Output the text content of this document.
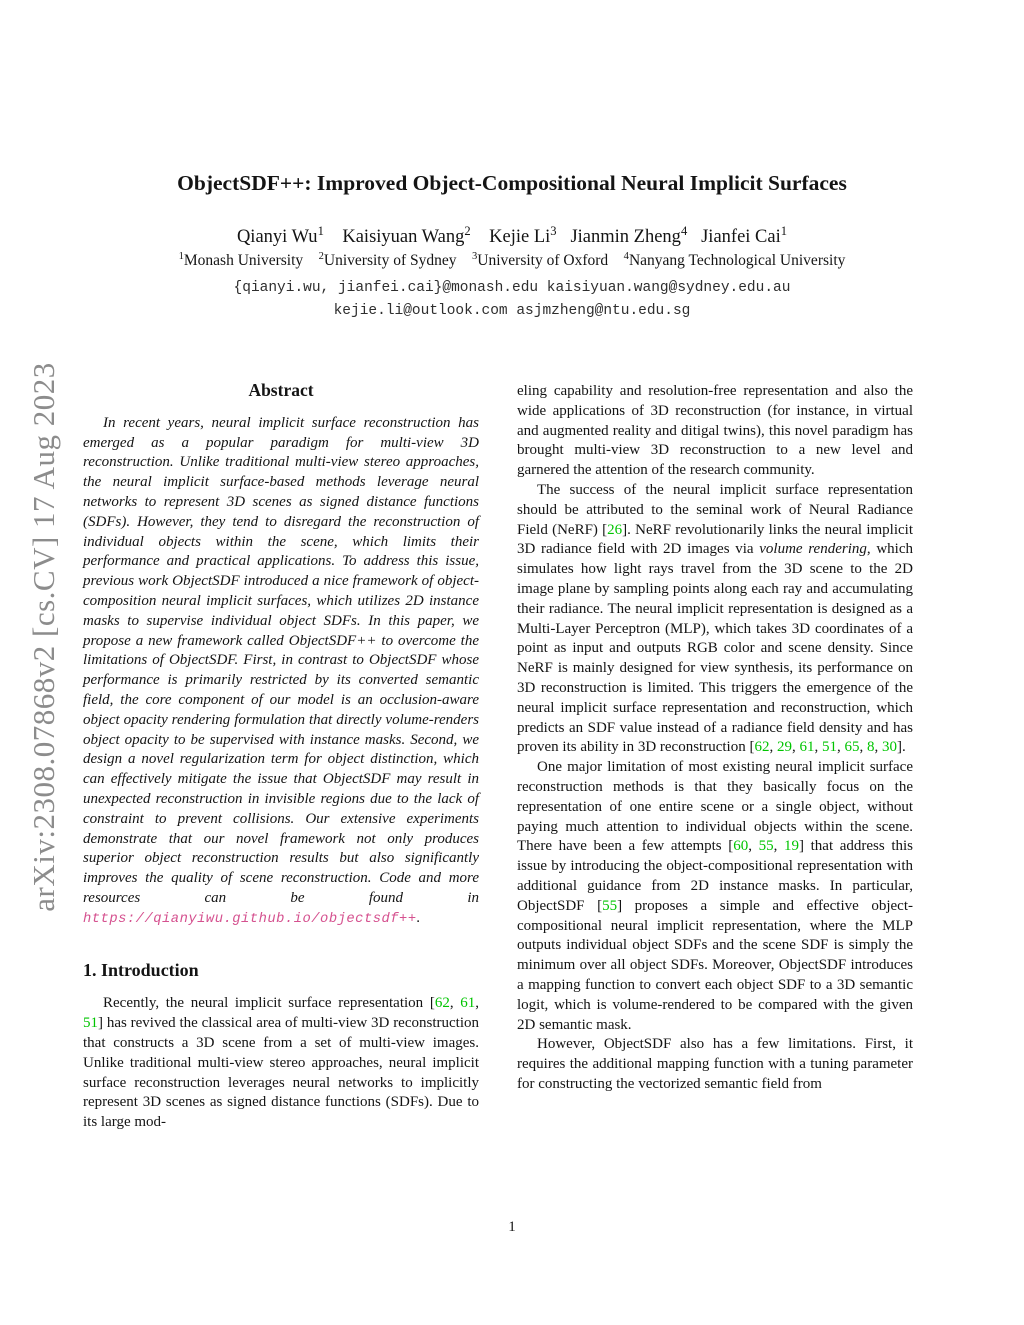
arXiv:2308.07868v2 [cs.CV] 17 Aug 2023
ObjectSDF++: Improved Object-Compositional Neural Implicit Surfaces
Qianyi Wu$^1$ Kaisiyuan Wang$^2$ Kejie Li$^3$ Jianmin Zheng$^4$ Jianfei Cai$^1$
$^1$Monash University $^2$University of Sydney $^3$University of Oxford $^4$Nanyang Technological University
{qianyi.wu, jianfei.cai}@monash.edu kaisiyuan.wang@sydney.edu.au
kejie.li@outlook.com asjmzheng@ntu.edu.sg
Abstract

In recent years, neural implicit surface reconstruction has emerged as a popular paradigm for multi-view 3D reconstruction. Unlike traditional multi-view stereo approaches, the neural implicit surface-based methods leverage neural networks to represent 3D scenes as signed distance functions (SDFs). However, they tend to disregard the reconstruction of individual objects within the scene, which limits their performance and practical applications. To address this issue, previous work ObjectSDF introduced a nice framework of object-composition neural implicit surfaces, which utilizes 2D instance masks to supervise individual object SDFs. In this paper, we propose a new framework called ObjectSDF++ to overcome the limitations of ObjectSDF. First, in contrast to ObjectSDF whose performance is primarily restricted by its converted semantic field, the core component of our model is an occlusion-aware object opacity rendering formulation that directly volume-renders object opacity to be supervised with instance masks. Second, we design a novel regularization term for object distinction, which can effectively mitigate the issue that ObjectSDF may result in unexpected reconstruction in invisible regions due to the lack of constraint to prevent collisions. Our extensive experiments demonstrate that our novel framework not only produces superior object reconstruction results but also significantly improves the quality of scene reconstruction. Code and more resources can be found in https://qianyiwu.github.io/objectsdf++.

1. Introduction

Recently, the neural implicit surface representation [62, 61, 51] has revived the classical area of multi-view 3D reconstruction that constructs a 3D scene from a set of multi-view images. Unlike traditional multi-view stereo approaches, neural implicit surface reconstruction leverages neural networks to implicitly represent 3D scenes as signed distance functions (SDFs). Due to its large mod-

eling capability and resolution-free representation and also the wide applications of 3D reconstruction (for instance, in virtual and augmented reality and ditigal twins), this novel paradigm has brought multi-view 3D reconstruction to a new level and garnered the attention of the research community.

The success of the neural implicit surface representation should be attributed to the seminal work of Neural Radiance Field (NeRF) [26]. NeRF revolutionarily links the neural implicit 3D radiance field with 2D images via volume rendering, which simulates how light rays travel from the 3D scene to the 2D image plane by sampling points along each ray and accumulating their radiance. The neural implicit representation is designed as a Multi-Layer Perceptron (MLP), which takes 3D coordinates of a point as input and outputs RGB color and scene density. Since NeRF is mainly designed for view synthesis, its performance on 3D reconstruction is limited. This triggers the emergence of the neural implicit surface representation and reconstruction, which predicts an SDF value instead of a radiance field density and has proven its ability in 3D reconstruction [62, 29, 61, 51, 65, 8, 30].

One major limitation of most existing neural implicit surface reconstruction methods is that they basically focus on the representation of one entire scene or a single object, without paying much attention to individual objects within the scene. There have been a few attempts [60, 55, 19] that address this issue by introducing the object-compositional representation with additional guidance from 2D instance masks. In particular, ObjectSDF [55] proposes a simple and effective object-compositional neural implicit representation, where the MLP outputs individual object SDFs and the scene SDF is simply the minimum over all object SDFs. Moreover, ObjectSDF introduces a mapping function to convert each object SDF to a 3D semantic logit, which is volume-rendered to be compared with the given 2D semantic mask.

However, ObjectSDF also has a few limitations. First, it requires the additional mapping function with a tuning parameter for constructing the vectorized semantic field from

1
